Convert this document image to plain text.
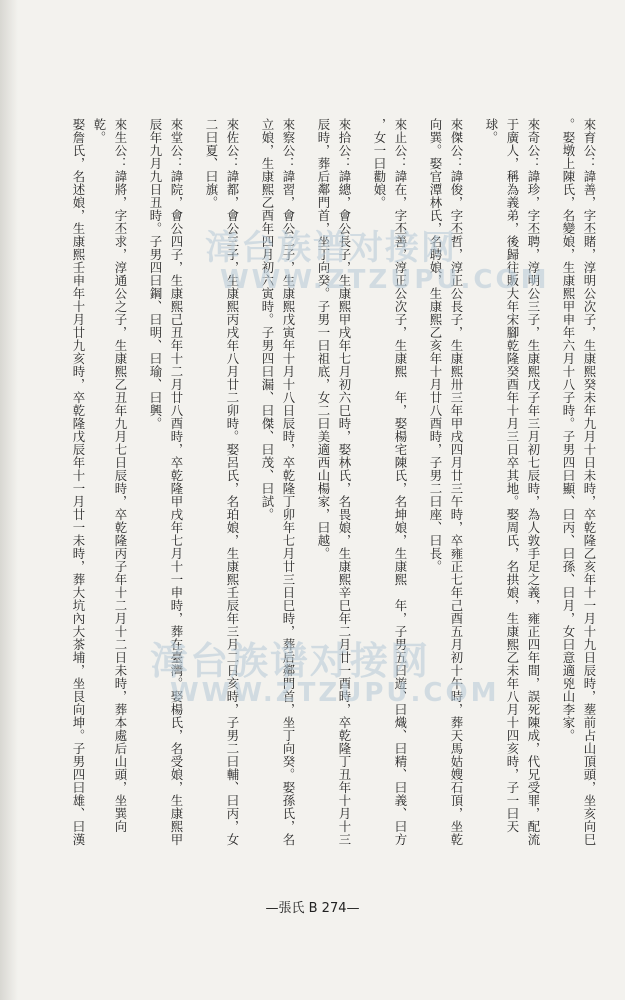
來育公：諱善，字丕賭，淳明公次子，生康熙癸未年九月十日未時，卒乾隆乙亥年十一月十九日辰時，塟前占山頂頭，坐亥向巳
。娶墩上陳氏，名變娘，生康熙甲申年六月十八子時。子男四曰顯、曰丙、曰孫、曰月，女曰意適兇山李家。
來奇公：諱珍，字丕聘，淳明公三子，生康熙戊子年三月初七辰時，為人敦手足之義，雍正四年間，誤死陳成，代兄受罪，配流
于廣人，稱為義弟，後歸往販大年宋腳乾隆癸酉年十月三日卒其地。娶周氏，名拱娘，生康熙乙未年八月十四亥時，子一曰天
球。
來傑公：諱俊，字丕哲，淳正公長子，生康熙卅三年甲戌四月廿三午時，卒雍正七年己酉五月初十午時，葬天馬姑嫂石頂，坐乾
向巽。娶官潭林氏，名聘娘，生康熙乙亥年十月廿八酉時，子男二曰座、曰長。
來止公：諱在，字丕善，淳正公次子，生康熙　年，娶楊宅陳氏，名坤娘，生康熙　年，子男五曰遊、曰熾、曰精、曰義、曰方
，女一曰勸娘。
來拾公：諱總，會公長子，生康熙甲戌年七月初六巳時，娶林氏，名畏娘，生康熙辛巳年二月廿一酉時，卒乾隆丁丑年十月十三
辰時，葬后鄰門首，坐丁向癸。子男一曰祖底，女二曰美適西山楊家，曰越。
來察公：諱習，會公二子，生康熙戊寅年十月十八日辰時，卒乾隆丁卯年七月廿三日巳時，葬后鄰門首，坐丁向癸。娶孫氏，名
立娘，生康熙乙酉年四月初六寅時。子男四曰漏、曰傑、曰茂、曰試。
來佐公：諱都，會公三子，生康熙丙戌年八月廿二卯時。娶呂氏，名珀娘，生康熙壬辰年三月二日亥時，子男二曰輔、曰丙，女
二曰夏、曰旗。
來堂公：諱院，會公四子，生康熙己丑年十二月廿八酉時，卒乾隆甲戌年七月十一申時，葬在臺灣。娶楊氏，名受娘，生康熙甲
辰年九月九日丑時。子男四曰鋼、曰明、曰瑜、曰興。
來生公：諱將，字丕求，淳通公之子，生康熙乙丑年九月七日辰時，卒乾隆丙子年十二月十二日未時，葬本處后山頭，坐巽向乾。
娶詹氏，名述娘，生康熙壬申年十月廿九亥時，卒乾隆戊辰年十一月廿一未時，葬大坑內大茶埔，坐艮向坤。子男四曰雄、曰漢	漳台族谱对接网
WWW.ZTZUPU.COM
漳台族谱对接网
WWW.ZTZUPU.COM
—張氏 B 274—
